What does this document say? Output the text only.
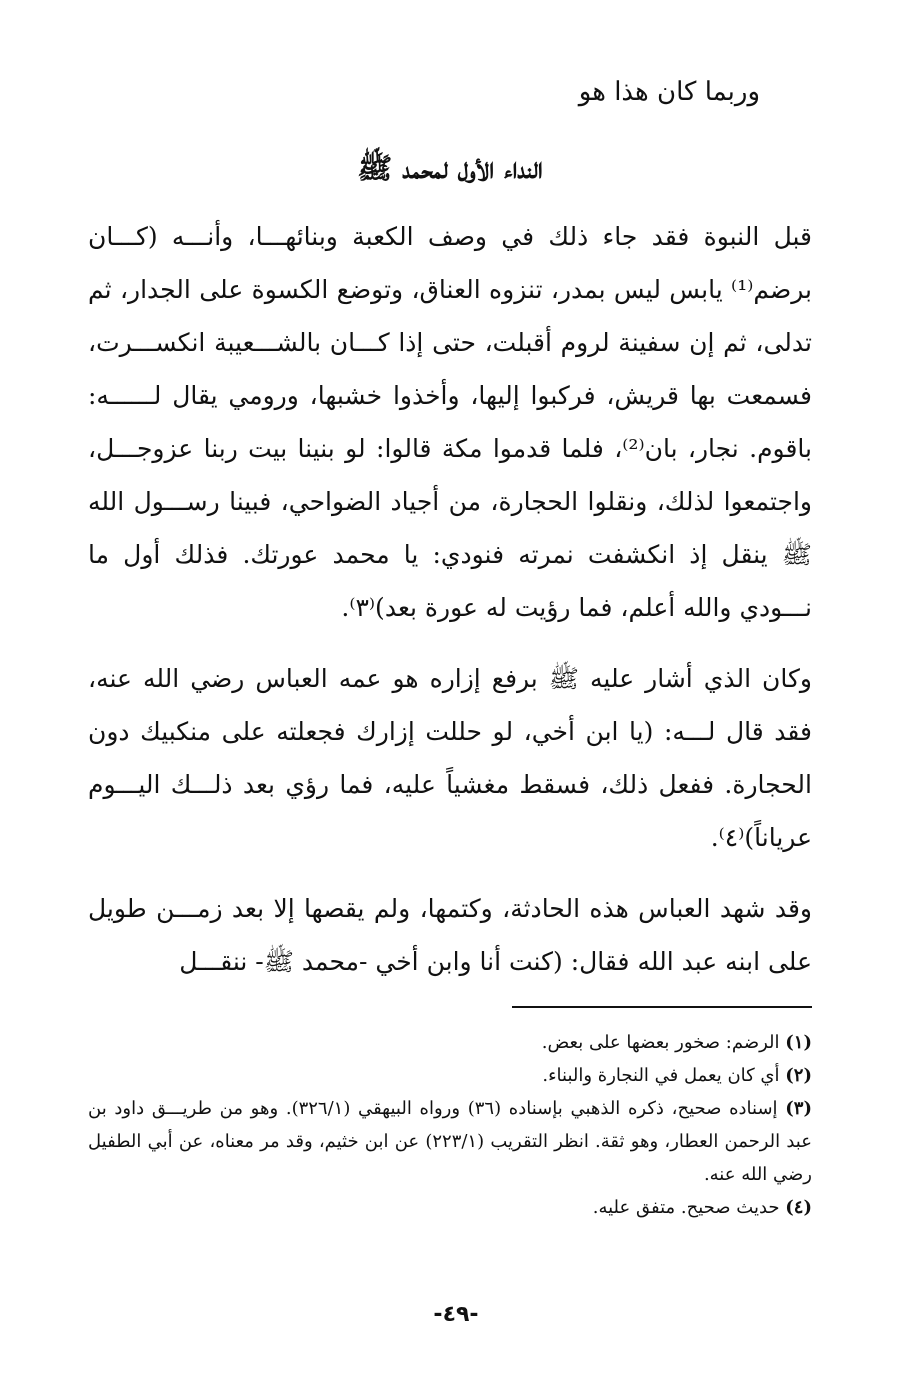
وربما كان هذا هو

النداء الأول لمحمد ﷺ

قبل النبوة فقد جاء ذلك في وصف الكعبة وبنائهـــا، وأنـــه (كـــان برضم⁽¹⁾ يابس ليس بمدر، تنزوه العناق، وتوضع الكسوة على الجدار، ثم تدلى، ثم إن سفينة لروم أقبلت، حتى إذا كـــان بالشـــعيبة انكســـرت، فسمعت بها قريش، فركبوا إليها، وأخذوا خشبها، ورومي يقال لــــــه: باقوم. نجار، بان⁽²⁾، فلما قدموا مكة قالوا: لو بنينا بيت ربنا عزوجـــل، واجتمعوا لذلك، ونقلوا الحجارة، من أجياد الضواحي، فبينا رســـول الله ﷺ ينقل إذ انكشفت نمرته فنودي: يا محمد عورتك. فذلك أول ما نـــودي والله أعلم، فما رؤيت له عورة بعد)⁽٣⁾.

وكان الذي أشار عليه ﷺ برفع إزاره هو عمه العباس رضي الله عنه، فقد قال لـــه: (يا ابن أخي، لو حللت إزارك فجعلته على منكبيك دون الحجارة. ففعل ذلك، فسقط مغشياً عليه، فما رؤي بعد ذلـــك اليـــوم عرياناً)⁽٤⁾.

وقد شهد العباس هذه الحادثة، وكتمها، ولم يقصها إلا بعد زمـــن طويل على ابنه عبد الله فقال: (كنت أنا وابن أخي -محمد ﷺ- ننقـــل

(١) الرضم: صخور بعضها على بعض.

(٢) أي كان يعمل في النجارة والبناء.

(٣) إسناده صحيح، ذكره الذهبي بإسناده (٣٦) ورواه البيهقي (٣٢٦/١). وهو من طريـــق داود بن عبد الرحمن العطار، وهو ثقة. انظر التقريب (٢٢٣/١) عن ابن خثيم، وقد مر معناه، عن أبي الطفيل رضي الله عنه.

(٤) حديث صحيح. متفق عليه.

-٤٩-
